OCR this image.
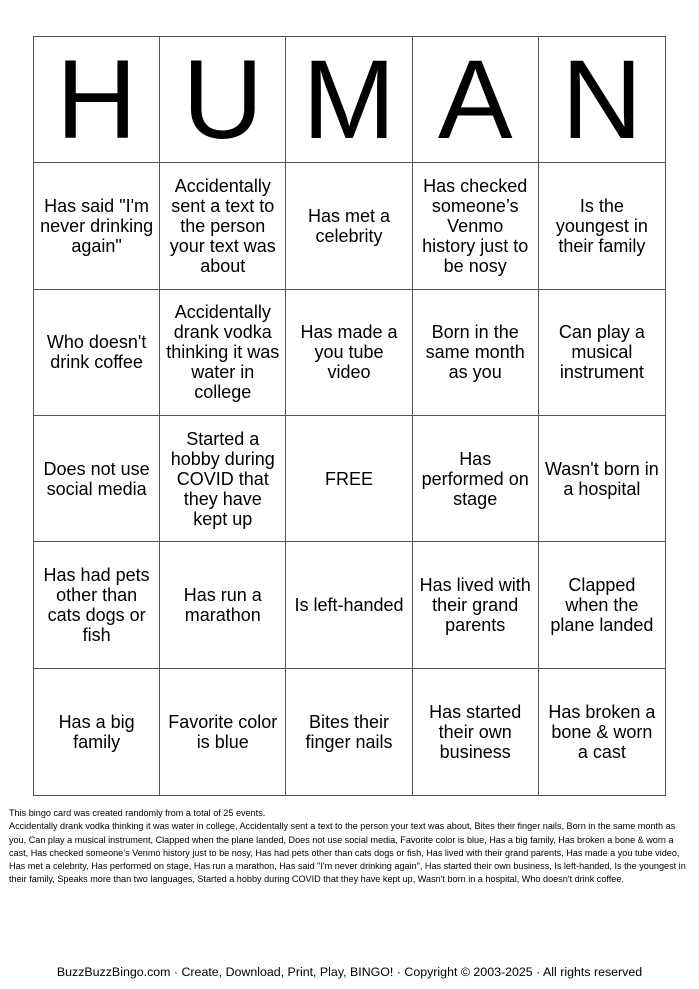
H U M A N
Has said "I'm never drinking again"
Accidentally sent a text to the person your text was about
Has met a celebrity
Has checked someone’s Venmo history just to be nosy
Is the youngest in their family
Who doesn't drink coffee
Accidentally drank vodka thinking it was water in college
Has made a you tube video
Born in the same month as you
Can play a musical instrument
Does not use social media
Started a hobby during COVID that they have kept up
FREE
Has performed on stage
Wasn't born in a hospital
Has had pets other than cats dogs or fish
Has run a marathon	Is left-handed
Has lived with their grand parents
Clapped when the plane landed
Has a big family
Favorite color is blue
Bites their finger nails
Has started their own business
Has broken a bone & worn a cast

This bingo card was created randomly from a total of 25 events.

Accidentally drank vodka thinking it was water in college, Accidentally sent a text to the person your text was about, Bites their finger nails, Born in the same month as you, Can play a musical instrument, Clapped when the plane landed, Does not use social media, Favorite color is blue, Has a big family, Has broken a bone & worn a cast, Has checked someone’s Venmo history just to be nosy, Has had pets other than cats dogs or fish, Has lived with their grand parents, Has made a you tube video, Has met a celebrity, Has performed on stage, Has run a marathon, Has said "I'm never drinking again", Has started their own business, Is left-handed, Is the youngest in their family, Speaks more than two languages, Started a hobby during COVID that they have kept up, Wasn't born in a hospital, Who doesn't drink coffee.

BuzzBuzzBingo.com · Create, Download, Print, Play, BINGO! · Copyright © 2003-2025 · All rights reserved
